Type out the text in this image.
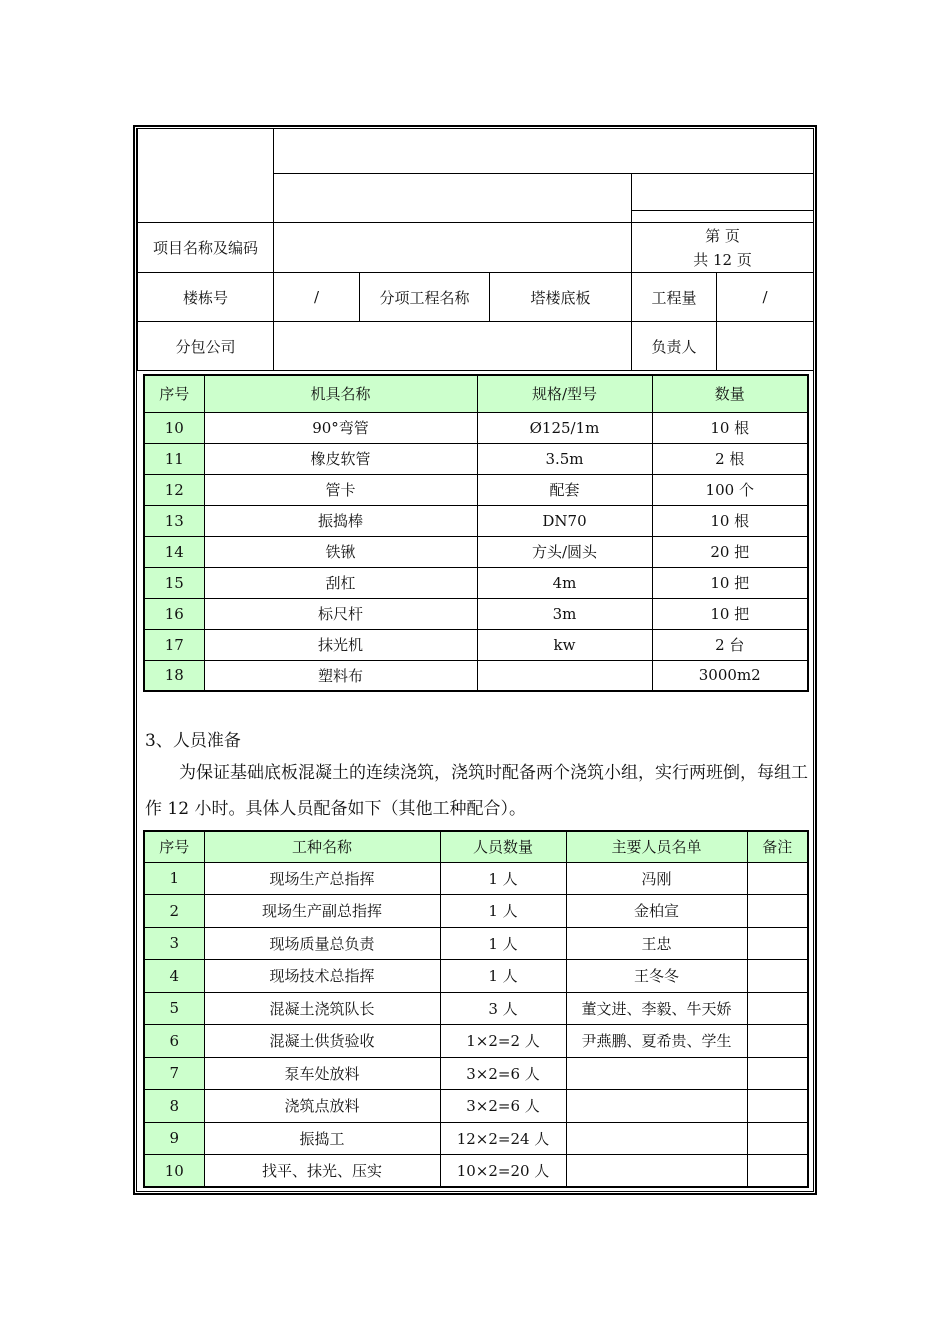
项目名称及编码				第 页
共 12 页	

楼栋号	/	分项工程名称	塔楼底板	工程量	/
分包公司				负责人	
序号	机具名称	规格/型号	数量
10	90°弯管	Ø125/1m	10 根
11	橡皮软管	3.5m	2 根
12	管卡	配套	100 个
13	振捣棒	DN70	10 根
14	铁锹	方头/圆头	20 把
15	刮杠	4m	10 把
16	标尺杆	3m	10 把
17	抹光机	kw	2 台
18	塑料布		3000m2
3、人员准备
为保证基础底板混凝土的连续浇筑，浇筑时配备两个浇筑小组，实行两班倒，每组工作 12 小时。具体人员配备如下（其他工种配合）。
序号	工种名称	人员数量	主要人员名单	备注
1	现场生产总指挥	1 人	冯刚	
2	现场生产副总指挥	1 人	金柏宣	
3	现场质量总负责	1 人	王忠	
4	现场技术总指挥	1 人	王冬冬	
5	混凝土浇筑队长	3 人	董文进、李毅、牛天娇	
6	混凝土供货验收	1×2=2 人	尹燕鹏、夏希贵、学生	
7	泵车处放料	3×2=6 人		
8	浇筑点放料	3×2=6 人		
9	振捣工	12×2=24 人		
10	找平、抹光、压实	10×2=20 人		
